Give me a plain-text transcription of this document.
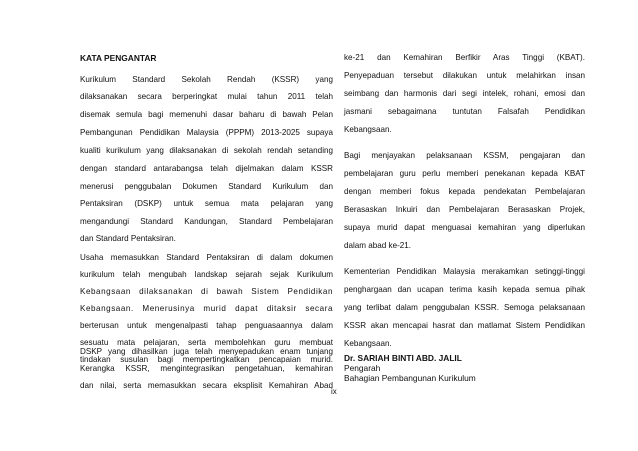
KATA PENGANTAR
Kurikulum Standard Sekolah Rendah (KSSR) yang
dilaksanakan secara berperingkat mulai tahun 2011 telah
disemak semula bagi memenuhi dasar baharu di bawah Pelan
Pembangunan Pendidikan Malaysia (PPPM) 2013-2025 supaya
kualiti kurikulum yang dilaksanakan di sekolah rendah setanding
dengan standard antarabangsa telah dijelmakan dalam KSSR
menerusi penggubalan Dokumen Standard Kurikulum dan
Pentaksiran (DSKP) untuk semua mata pelajaran yang
mengandungi Standard Kandungan, Standard Pembelajaran
dan Standard Pentaksiran.
Usaha memasukkan Standard Pentaksiran di dalam dokumen
kurikulum telah mengubah landskap sejarah sejak Kurikulum
Kebangsaan dilaksanakan di bawah Sistem Pendidikan
Kebangsaan. Menerusinya murid dapat ditaksir secara
berterusan untuk mengenalpasti tahap penguasaannya dalam
sesuatu mata pelajaran, serta membolehkan guru membuat
tindakan susulan bagi mempertingkatkan pencapaian murid.
ke-21 dan Kemahiran Berfikir Aras Tinggi (KBAT).
Penyepaduan tersebut dilakukan untuk melahirkan insan
seimbang dan harmonis dari segi intelek, rohani, emosi dan
jasmani sebagaimana tuntutan Falsafah Pendidikan
Kebangsaan.
Bagi menjayakan pelaksanaan KSSM, pengajaran dan
pembelajaran guru perlu memberi penekanan kepada KBAT
dengan memberi fokus kepada pendekatan Pembelajaran
Berasaskan Inkuiri dan Pembelajaran Berasaskan Projek,
supaya murid dapat menguasai kemahiran yang diperlukan
dalam abad ke-21.
Kementerian Pendidikan Malaysia merakamkan setinggi-tinggi
penghargaan dan ucapan terima kasih kepada semua pihak
yang terlibat dalam penggubalan KSSR. Semoga pelaksanaan
KSSR akan mencapai hasrat dan matlamat Sistem Pendidikan
Kebangsaan.
Dr. SARIAH BINTI ABD. JALIL
Pengarah
Bahagian Pembangunan Kurikulum
ix
DSKP yang dihasilkan juga telah menyepadukan enam tunjang
Kerangka KSSR, mengintegrasikan pengetahuan, kemahiran
dan nilai, serta memasukkan secara eksplisit Kemahiran Abad
